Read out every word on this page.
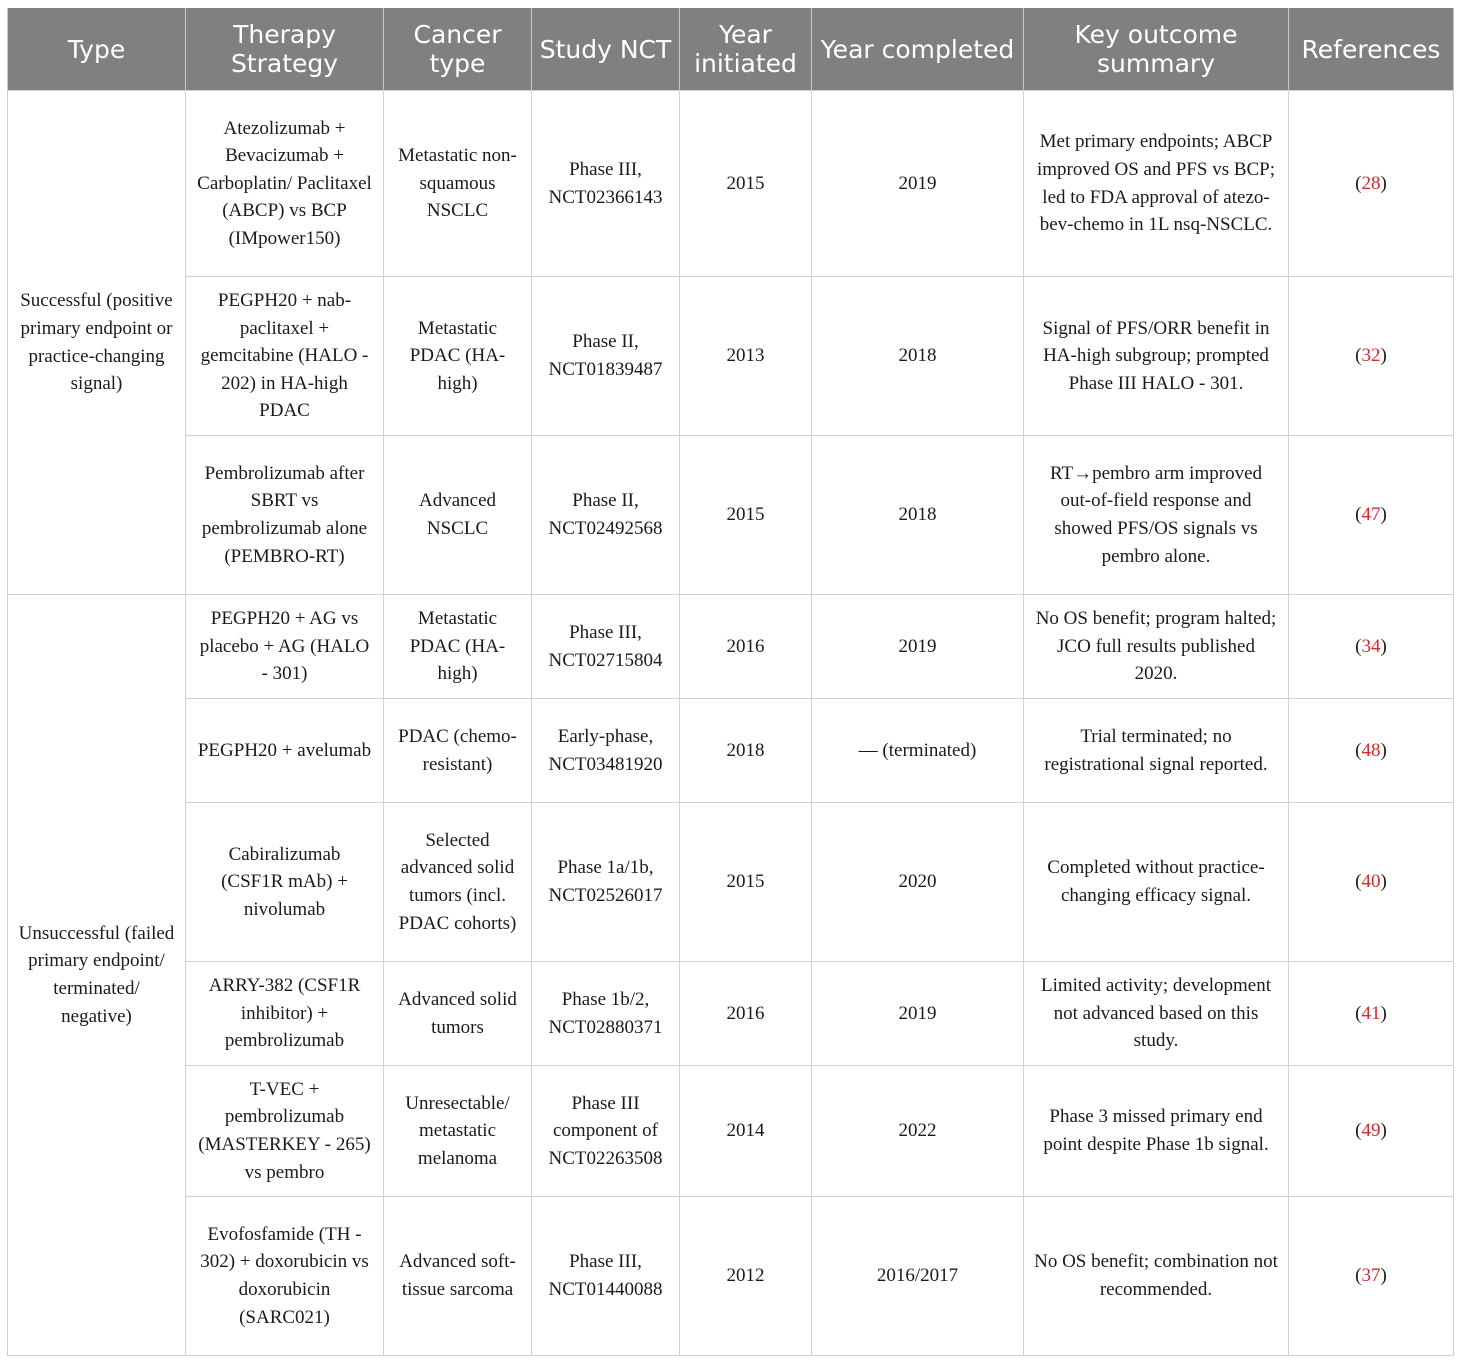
Type	Therapy Strategy	Cancer type	Study NCT	Year initiated	Year completed	Key outcome summary	References
Successful (positive primary endpoint or practice-changing signal)	Atezolizumab + Bevacizumab + Carboplatin/ Paclitaxel (ABCP) vs BCP (IMpower150)	Metastatic non-squamous NSCLC	Phase III, NCT02366143	2015	2019	Met primary endpoints; ABCP improved OS and PFS vs BCP; led to FDA approval of atezo-bev-chemo in 1L nsq-NSCLC.	(28)
	PEGPH20 + nab-paclitaxel + gemcitabine (HALO - 202) in HA-high PDAC	Metastatic PDAC (HA-high)	Phase II, NCT01839487	2013	2018	Signal of PFS/ORR benefit in HA-high subgroup; prompted Phase III HALO - 301.	(32)
	Pembrolizumab after SBRT vs pembrolizumab alone (PEMBRO-RT)	Advanced NSCLC	Phase II, NCT02492568	2015	2018	RT→pembro arm improved out-of-field response and showed PFS/OS signals vs pembro alone.	(47)
Unsuccessful (failed primary endpoint/ terminated/ negative)	PEGPH20 + AG vs placebo + AG (HALO - 301)	Metastatic PDAC (HA-high)	Phase III, NCT02715804	2016	2019	No OS benefit; program halted; JCO full results published 2020.	(34)
	PEGPH20 + avelumab	PDAC (chemo-resistant)	Early-phase, NCT03481920	2018	— (terminated)	Trial terminated; no registrational signal reported.	(48)
	Cabiralizumab (CSF1R mAb) + nivolumab	Selected advanced solid tumors (incl. PDAC cohorts)	Phase 1a/1b, NCT02526017	2015	2020	Completed without practice-changing efficacy signal.	(40)
	ARRY-382 (CSF1R inhibitor) + pembrolizumab	Advanced solid tumors	Phase 1b/2, NCT02880371	2016	2019	Limited activity; development not advanced based on this study.	(41)
	T-VEC + pembrolizumab (MASTERKEY - 265) vs pembro	Unresectable/ metastatic melanoma	Phase III component of NCT02263508	2014	2022	Phase 3 missed primary end point despite Phase 1b signal.	(49)
	Evofosfamide (TH - 302) + doxorubicin vs doxorubicin (SARC021)	Advanced soft-tissue sarcoma	Phase III, NCT01440088	2012	2016/2017	No OS benefit; combination not recommended.	(37)
